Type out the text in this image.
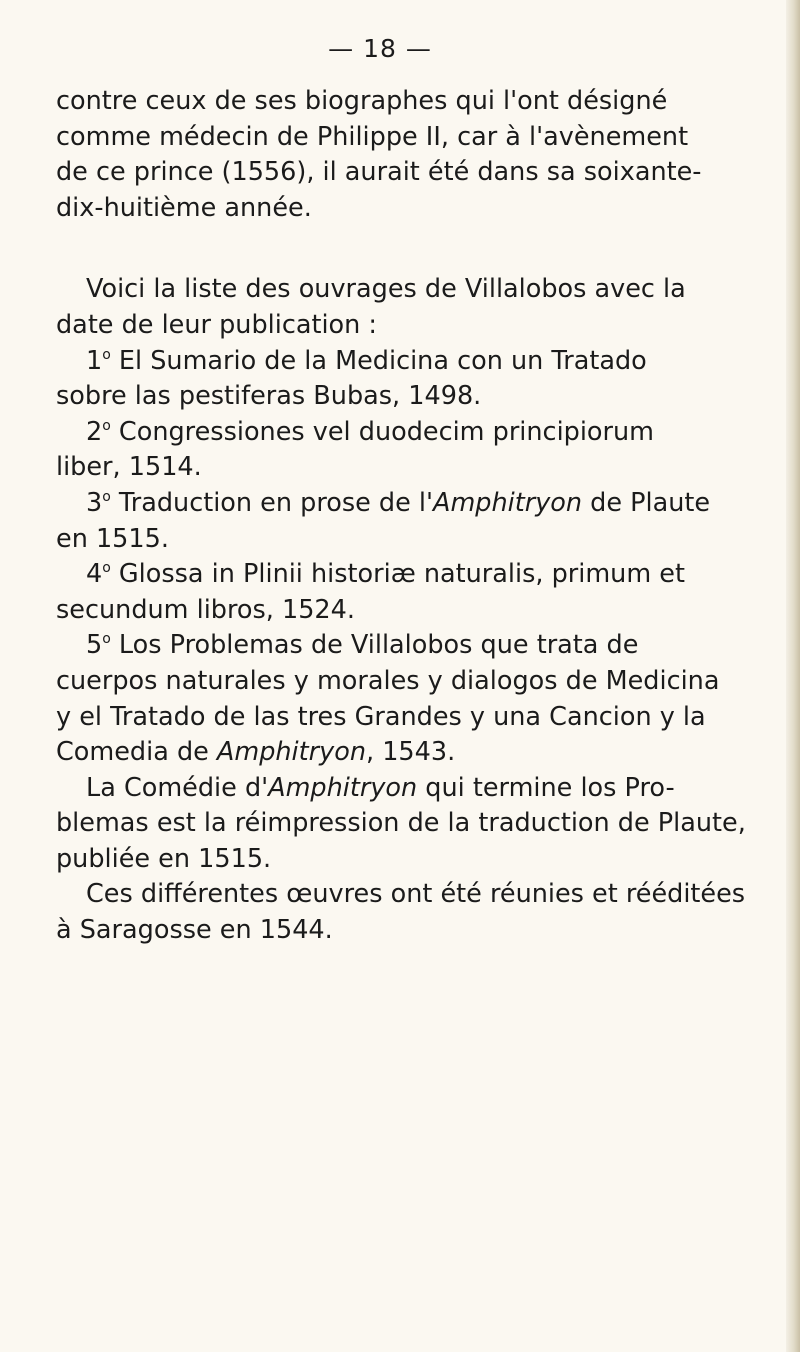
— 18 —

contre ceux de ses biographes qui l'ont désigné
comme médecin de Philippe II, car à l'avènement
de ce prince (1556), il aurait été dans sa soixante-
dix-huitième année.

Voici la liste des ouvrages de Villalobos avec la
date de leur publication :
1$^o$ El Sumario de la Medicina con un Tratado
sobre las pestiferas Bubas, 1498.
2$^o$ Congressiones vel duodecim principiorum
liber, 1514.
3$^o$ Traduction en prose de l'Amphitryon de Plaute
en 1515.
4$^o$ Glossa in Plinii historiæ naturalis, primum et
secundum libros, 1524.
5$^o$ Los Problemas de Villalobos que trata de
cuerpos naturales y morales y dialogos de Medicina
y el Tratado de las tres Grandes y una Cancion y la
Comedia de Amphitryon, 1543.
La Comédie d'Amphitryon qui termine los Pro-
blemas est la réimpression de la traduction de Plaute,
publiée en 1515.
Ces différentes œuvres ont été réunies et rééditées
à Saragosse en 1544.
